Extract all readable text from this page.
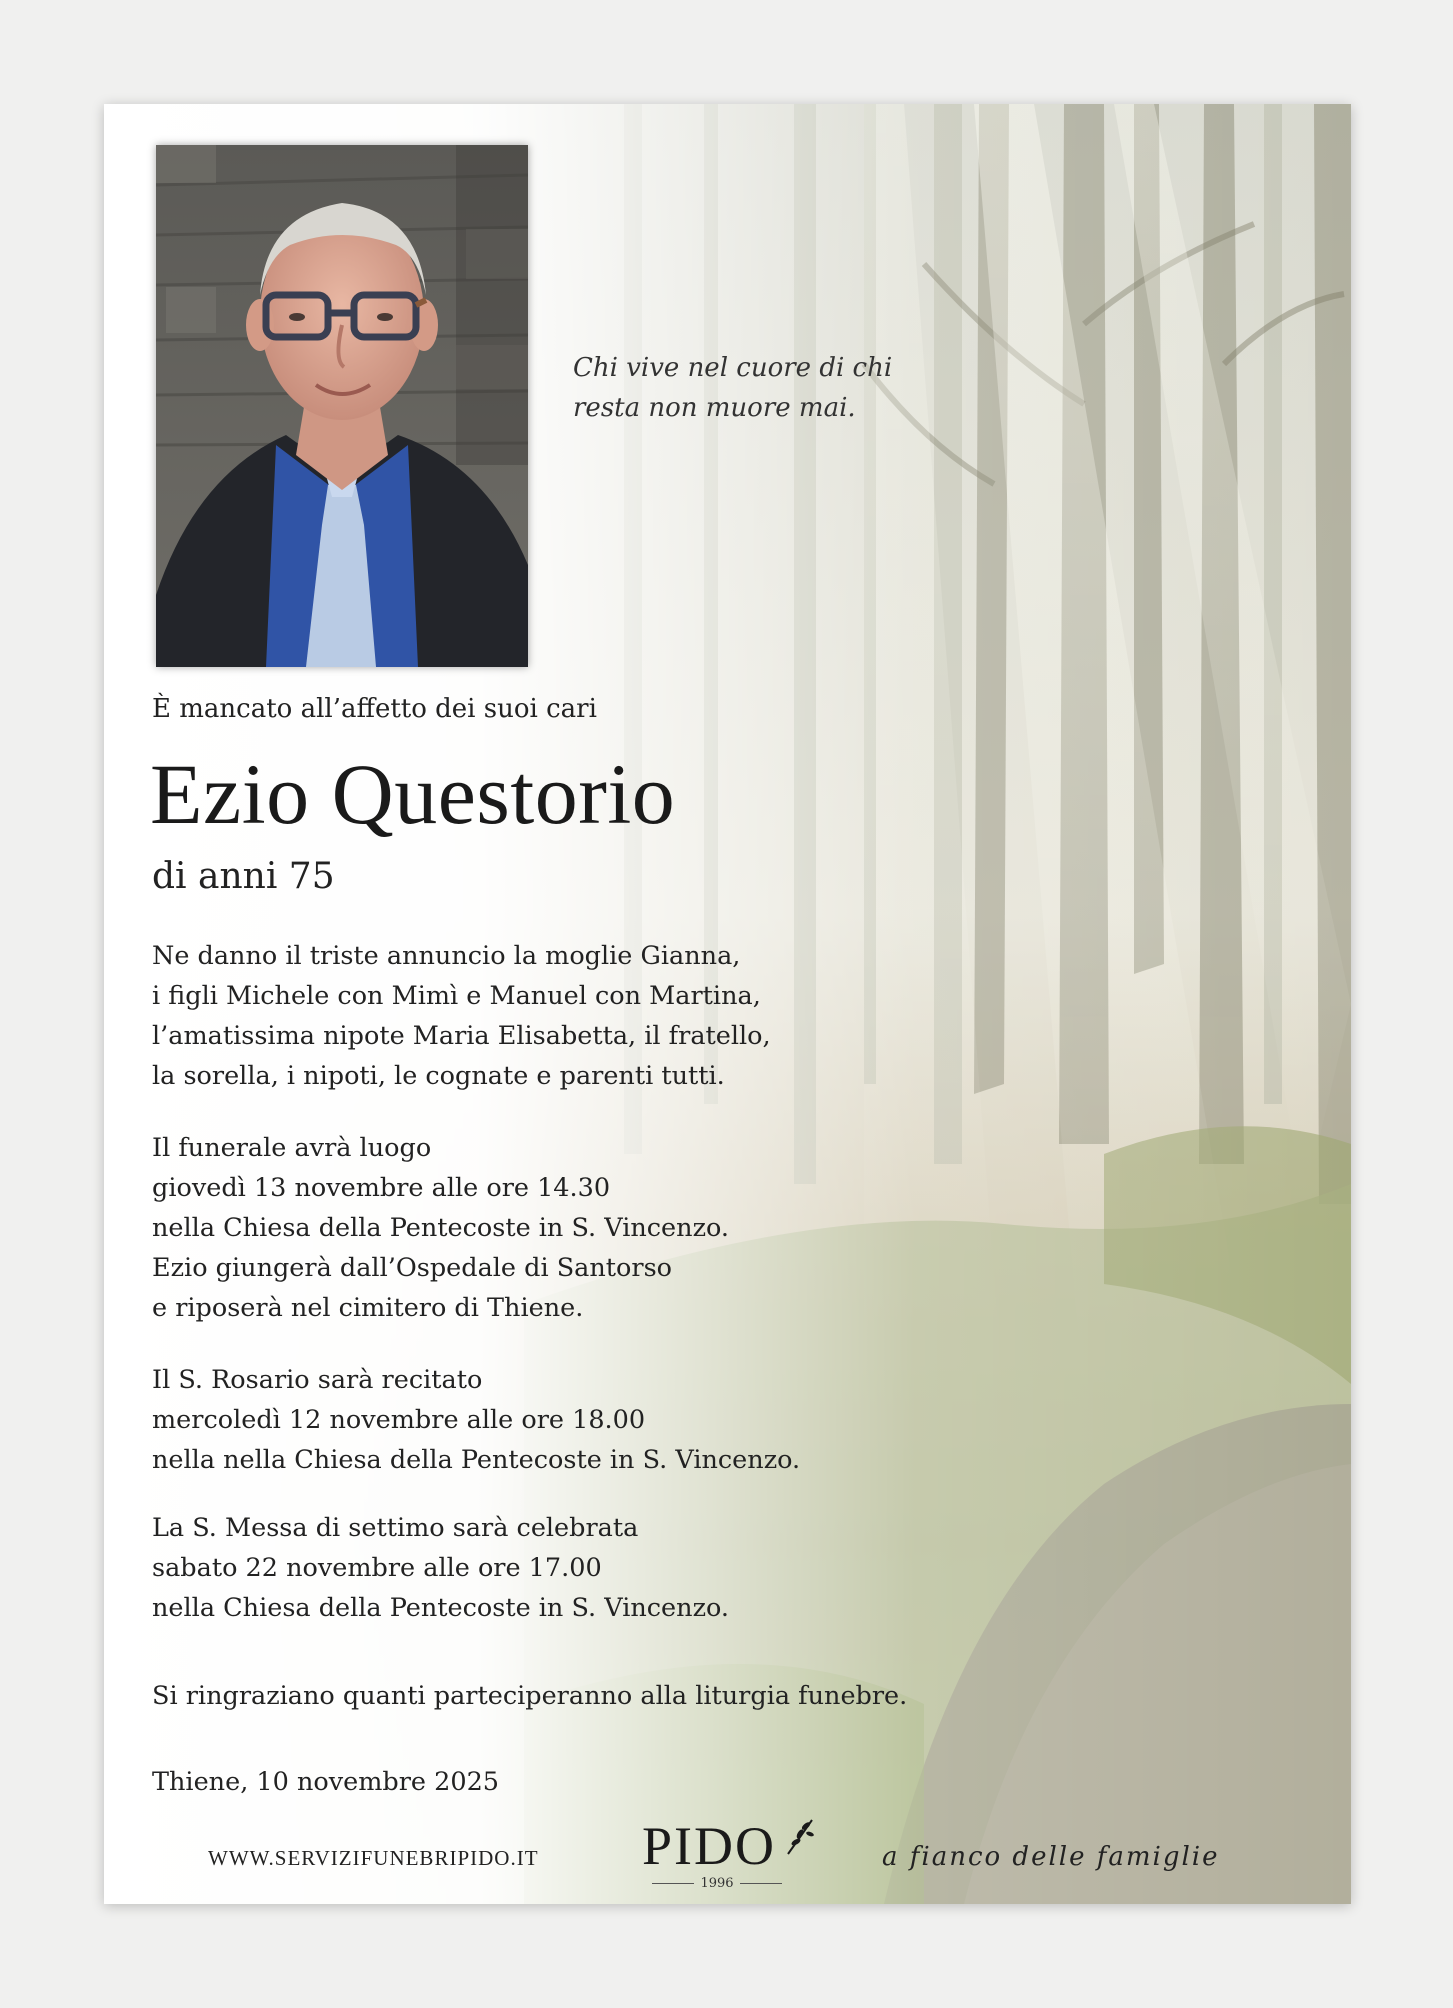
Chi vive nel cuore di chi
resta non muore mai.
È mancato all’affetto dei suoi cari
Ezio Questorio
di anni 75
Ne danno il triste annuncio la moglie Gianna,
i figli Michele con Mimì e Manuel con Martina,
l’amatissima nipote Maria Elisabetta, il fratello,
la sorella, i nipoti, le cognate e parenti tutti.
Il funerale avrà luogo
giovedì 13 novembre alle ore 14.30
nella Chiesa della Pentecoste in S. Vincenzo.
Ezio giungerà dall’Ospedale di Santorso
e riposerà nel cimitero di Thiene.
Il S. Rosario sarà recitato
mercoledì 12 novembre alle ore 18.00
nella nella Chiesa della Pentecoste in S. Vincenzo.
La S. Messa di settimo sarà celebrata
sabato 22 novembre alle ore 17.00
nella Chiesa della Pentecoste in S. Vincenzo.
Si ringraziano quanti parteciperanno alla liturgia funebre.
Thiene, 10 novembre 2025
WWW.SERVIZIFUNEBRIPIDO.IT PIDO
1996
a fianco delle famiglie
